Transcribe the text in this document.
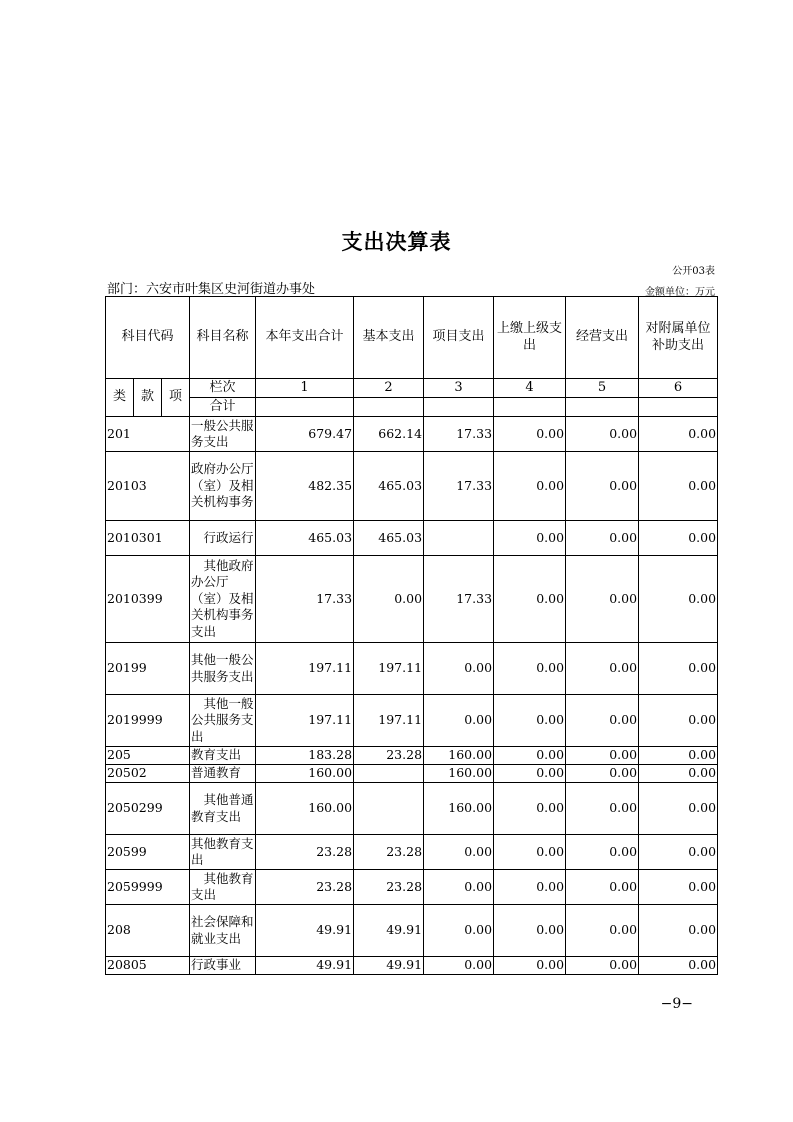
支出决算表
公开03表
部门：六安市叶集区史河街道办事处	金额单位：万元
科目代码			科目名称	本年支出合计	基本支出	项目支出	上缴上级支出	经营支出	对附属单位补助支出
类	款	项	栏次	1	2	3	4	5	6
			合计						
201			一般公共服务支出	679.47	662.14	17.33	0.00	0.00	0.00
20103			政府办公厅（室）及相关机构事务	482.35	465.03	17.33	0.00	0.00	0.00
2010301			　行政运行	465.03	465.03		0.00	0.00	0.00
2010399			　其他政府办公厅（室）及相关机构事务支出	17.33	0.00	17.33	0.00	0.00	0.00
20199			其他一般公共服务支出	197.11	197.11	0.00	0.00	0.00	0.00
2019999			　其他一般公共服务支出	197.11	197.11	0.00	0.00	0.00	0.00
205			教育支出	183.28	23.28	160.00	0.00	0.00	0.00
20502			普通教育	160.00		160.00	0.00	0.00	0.00
2050299			　其他普通教育支出	160.00		160.00	0.00	0.00	0.00
20599			其他教育支出	23.28	23.28	0.00	0.00	0.00	0.00
2059999			　其他教育支出	23.28	23.28	0.00	0.00	0.00	0.00
208			社会保障和就业支出	49.91	49.91	0.00	0.00	0.00	0.00
20805			行政事业	49.91	49.91	0.00	0.00	0.00	0.00
−9−
